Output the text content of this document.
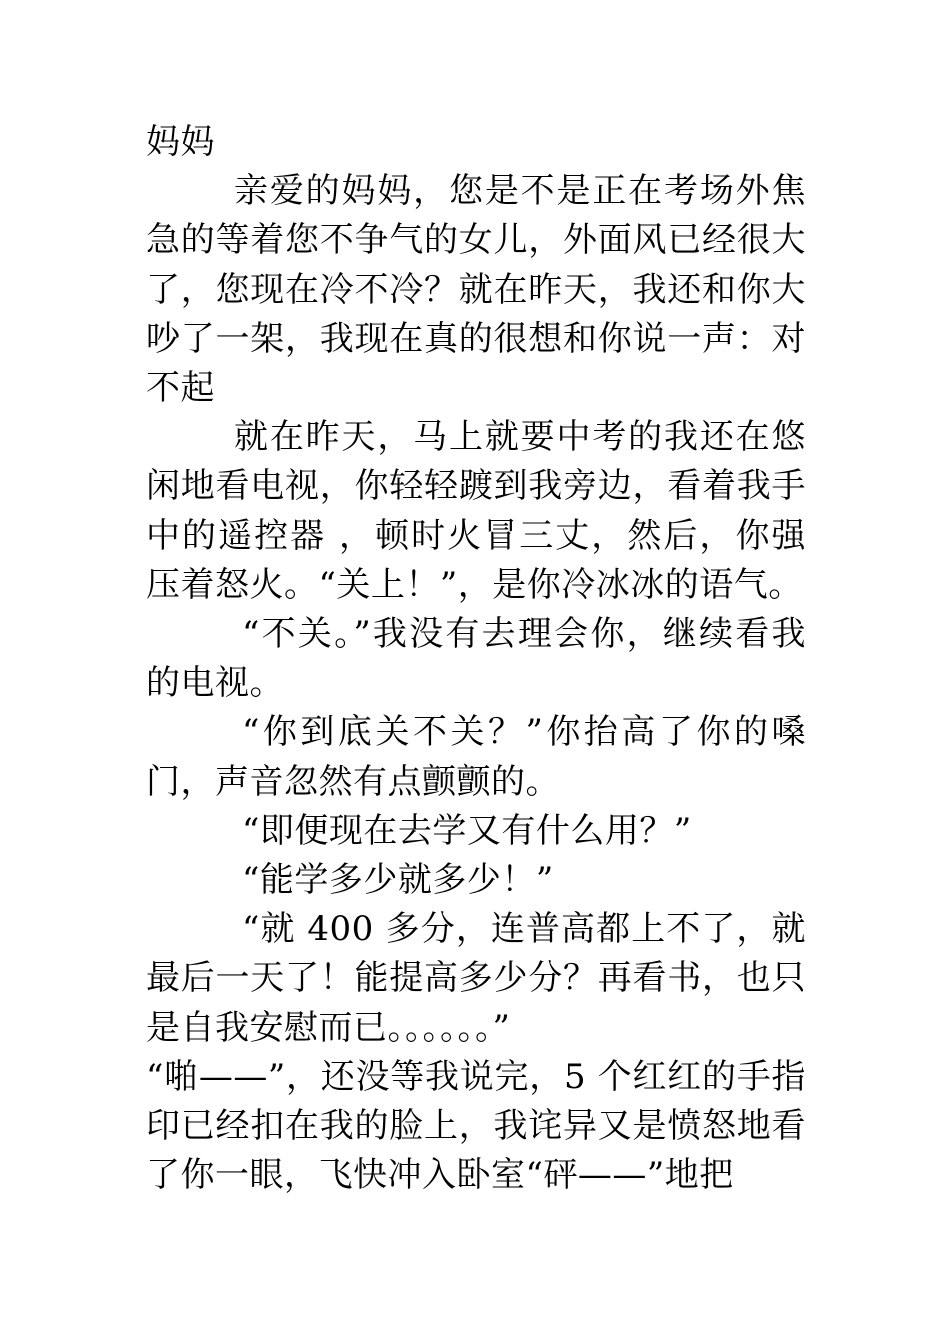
妈妈

亲爱的妈妈，您是不是正在考场外焦急的等着您不争气的女儿，外面风已经很大了，您现在冷不冷？就在昨天，我还和你大吵了一架，我现在真的很想和你说一声：对不起

就在昨天，马上就要中考的我还在悠闲地看电视，你轻轻踱到我旁边，看着我手中的遥控器 ，顿时火冒三丈，然后，你强压着怒火。“关上！”，是你冷冰冰的语气。

“不关。”我没有去理会你，继续看我的电视。

“你到底关不关？”你抬高了你的嗓门，声音忽然有点颤颤的。

“即便现在去学又有什么用？”

“能学多少就多少！”

“就 400 多分，连普高都上不了，就最后一天了！能提高多少分？再看书，也只是自我安慰而已。。。。。。”

“啪——”，还没等我说完，5 个红红的手指印已经扣在我的脸上，我诧异又是愤怒地看了你一眼，飞快冲入卧室“砰——”地把
